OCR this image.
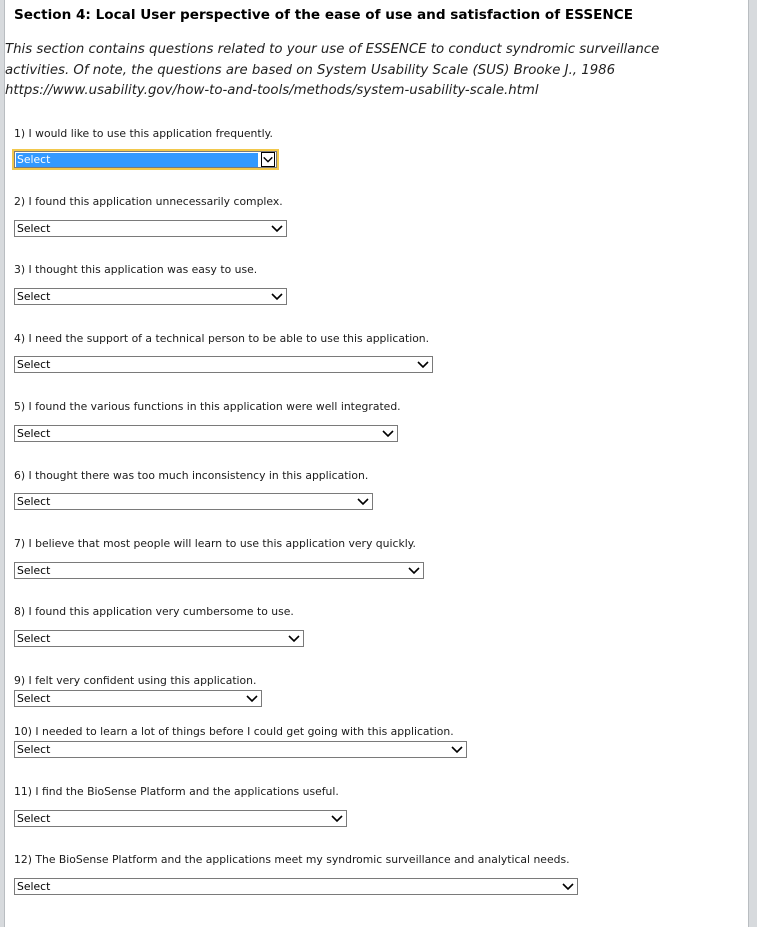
Section 4: Local User perspective of the ease of use and satisfaction of ESSENCE
This section contains questions related to your use of ESSENCE to conduct syndromic surveillance
activities. Of note, the questions are based on System Usability Scale (SUS) Brooke J., 1986
https://www.usability.gov/how-to-and-tools/methods/system-usability-scale.html
1) I would like to use this application frequently.
Select
2) I found this application unnecessarily complex.
Select
3) I thought this application was easy to use.
Select
4) I need the support of a technical person to be able to use this application.
Select
5) I found the various functions in this application were well integrated.
Select
6) I thought there was too much inconsistency in this application.
Select
7) I believe that most people will learn to use this application very quickly.
Select
8) I found this application very cumbersome to use.
Select
9) I felt very confident using this application.
Select
10) I needed to learn a lot of things before I could get going with this application.
Select
11) I find the BioSense Platform and the applications useful.
Select
12) The BioSense Platform and the applications meet my syndromic surveillance and analytical needs.
Select
